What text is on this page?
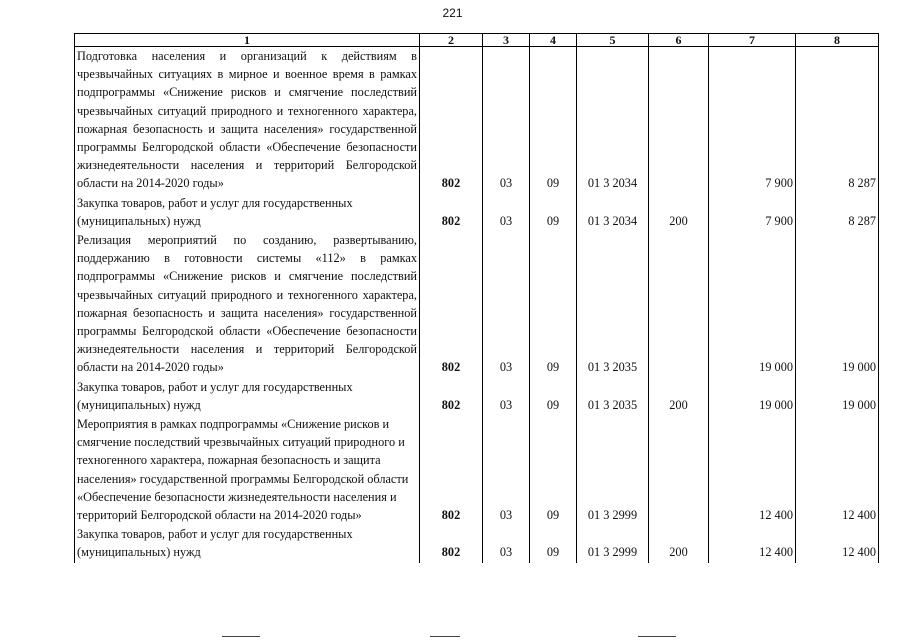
221
1	2	3	4	5	6	7	8
Подготовка населения и организаций к действиям в чрезвычайных ситуациях в мирное и военное время в рамках подпрограммы «Снижение рисков и смягчение последствий чрезвычайных ситуаций природного и техногенного характера, пожарная безопасность и защита населения» государственной программы Белгородской области «Обеспечение безопасности жизнедеятельности населения и территорий Белгородской области на 2014-2020 годы»	802	03	09	01 3 2034		7 900	8 287
Закупка товаров, работ и услуг для государственных (муниципальных) нужд	802	03	09	01 3 2034	200	7 900	8 287
Релизация мероприятий по созданию, развертыванию, поддержанию в готовности системы «112» в рамках подпрограммы «Снижение рисков и смягчение последствий чрезвычайных ситуаций природного и техногенного характера, пожарная безопасность и защита населения» государственной программы Белгородской области «Обеспечение безопасности жизнедеятельности населения и территорий Белгородской области на 2014-2020 годы»	802	03	09	01 3 2035		19 000	19 000
Закупка товаров, работ и услуг для государственных (муниципальных) нужд	802	03	09	01 3 2035	200	19 000	19 000
Мероприятия в рамках подпрограммы «Снижение рисков и смягчение последствий чрезвычайных ситуаций природного и техногенного характера, пожарная безопасность и защита населения» государственной программы Белгородской области «Обеспечение безопасности жизнедеятельности населения и территорий Белгородской области на 2014-2020 годы»	802	03	09	01 3 2999		12 400	12 400
Закупка товаров, работ и услуг для государственных (муниципальных) нужд	802	03	09	01 3 2999	200	12 400	12 400
